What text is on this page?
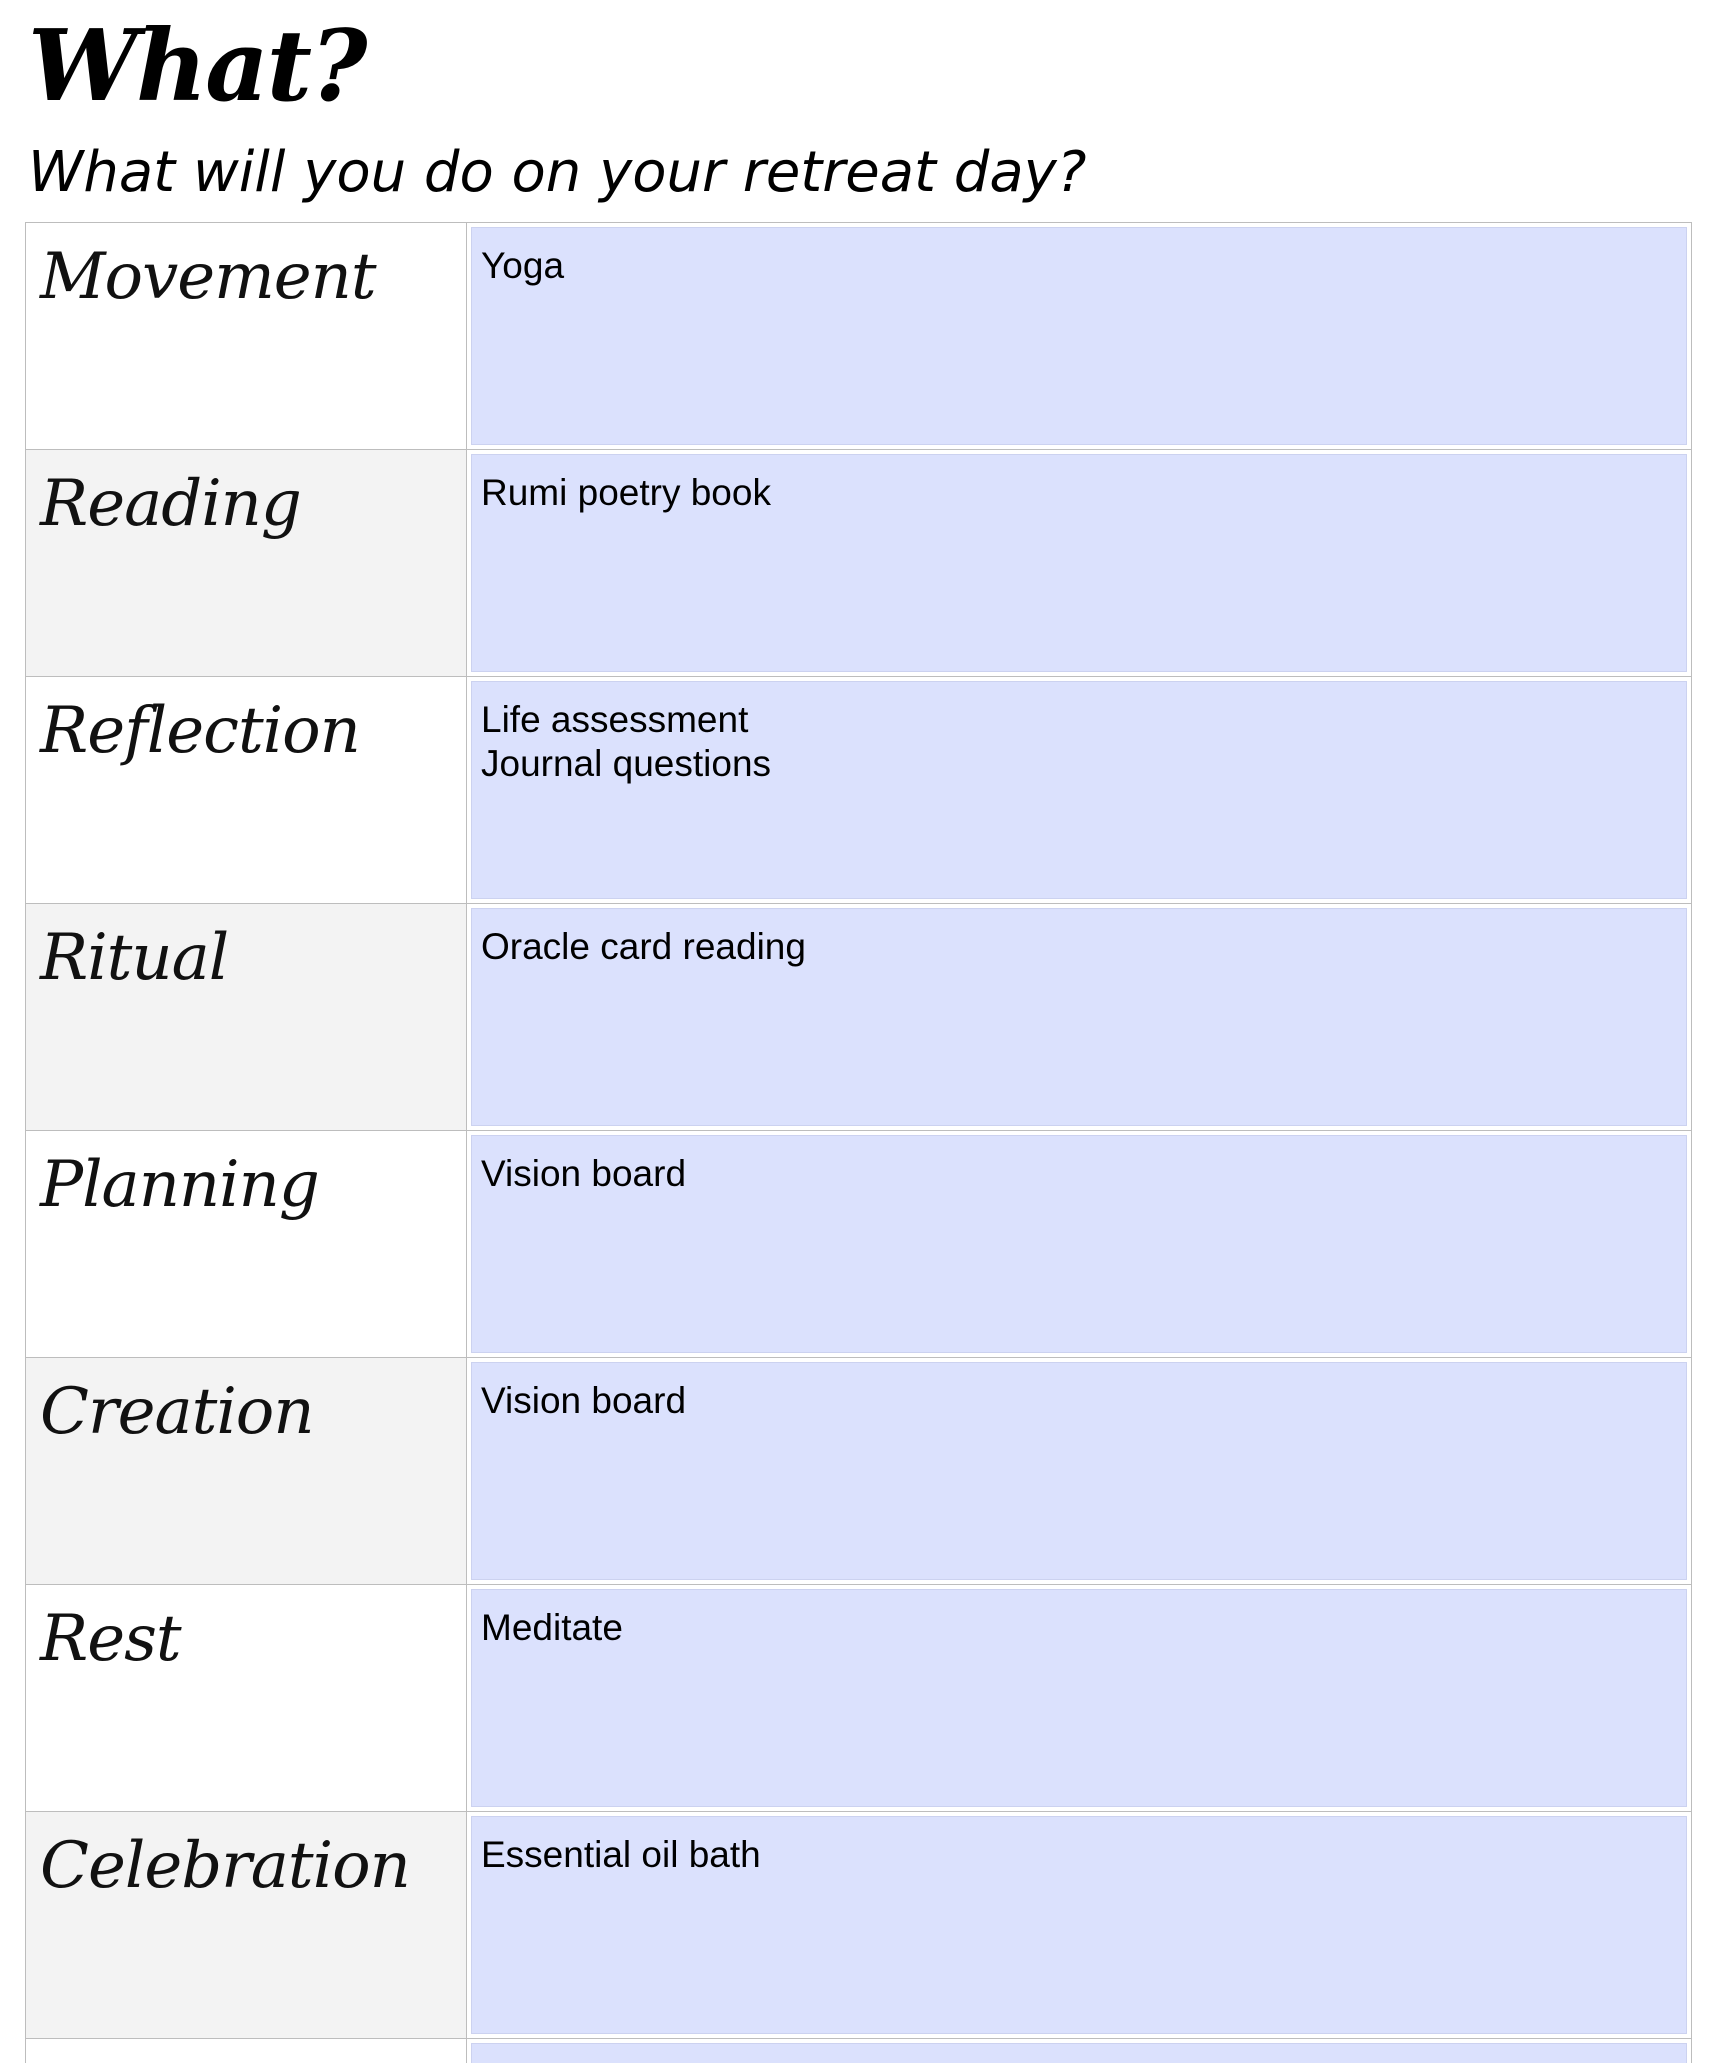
What?
What will you do on your retreat day?
Movement	Yoga
Reading	Rumi poetry book
Reflection	Life assessment
Journal questions
Ritual	Oracle card reading
Planning	Vision board
Creation	Vision board
Rest	Meditate
Celebration Essential oil bath
